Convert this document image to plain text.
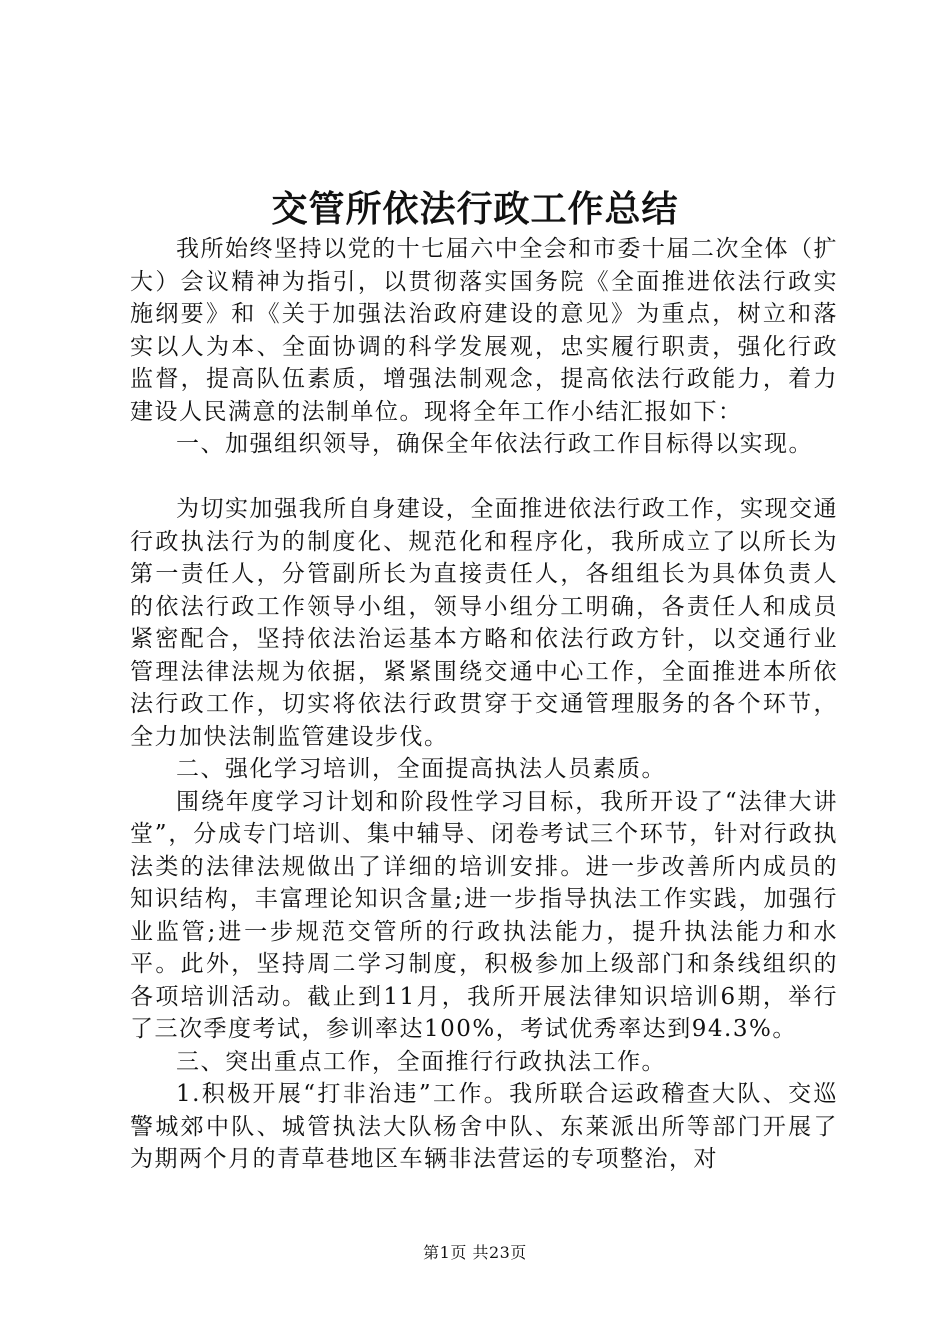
交管所依法行政工作总结

我所始终坚持以党的十七届六中全会和市委十届二次全体（扩大）会议精神为指引，以贯彻落实国务院《全面推进依法行政实施纲要》和《关于加强法治政府建设的意见》为重点，树立和落实以人为本、全面协调的科学发展观，忠实履行职责，强化行政监督，提高队伍素质，增强法制观念，提高依法行政能力，着力建设人民满意的法制单位。现将全年工作小结汇报如下：

一、加强组织领导，确保全年依法行政工作目标得以实现。

为切实加强我所自身建设，全面推进依法行政工作，实现交通行政执法行为的制度化、规范化和程序化，我所成立了以所长为第一责任人，分管副所长为直接责任人，各组组长为具体负责人的依法行政工作领导小组，领导小组分工明确，各责任人和成员紧密配合，坚持依法治运基本方略和依法行政方针，以交通行业管理法律法规为依据，紧紧围绕交通中心工作，全面推进本所依法行政工作，切实将依法行政贯穿于交通管理服务的各个环节，全力加快法制监管建设步伐。

二、强化学习培训，全面提高执法人员素质。

围绕年度学习计划和阶段性学习目标，我所开设了“法律大讲堂”，分成专门培训、集中辅导、闭卷考试三个环节，针对行政执法类的法律法规做出了详细的培训安排。进一步改善所内成员的知识结构，丰富理论知识含量;进一步指导执法工作实践，加强行业监管;进一步规范交管所的行政执法能力，提升执法能力和水平。此外，坚持周二学习制度，积极参加上级部门和条线组织的各项培训活动。截止到11月，我所开展法律知识培训6期，举行了三次季度考试，参训率达100%，考试优秀率达到94.3%。

三、突出重点工作，全面推行行政执法工作。

1.积极开展“打非治违”工作。我所联合运政稽查大队、交巡警城郊中队、城管执法大队杨舍中队、东莱派出所等部门开展了为期两个月的青草巷地区车辆非法营运的专项整治，对

第1页 共23页
